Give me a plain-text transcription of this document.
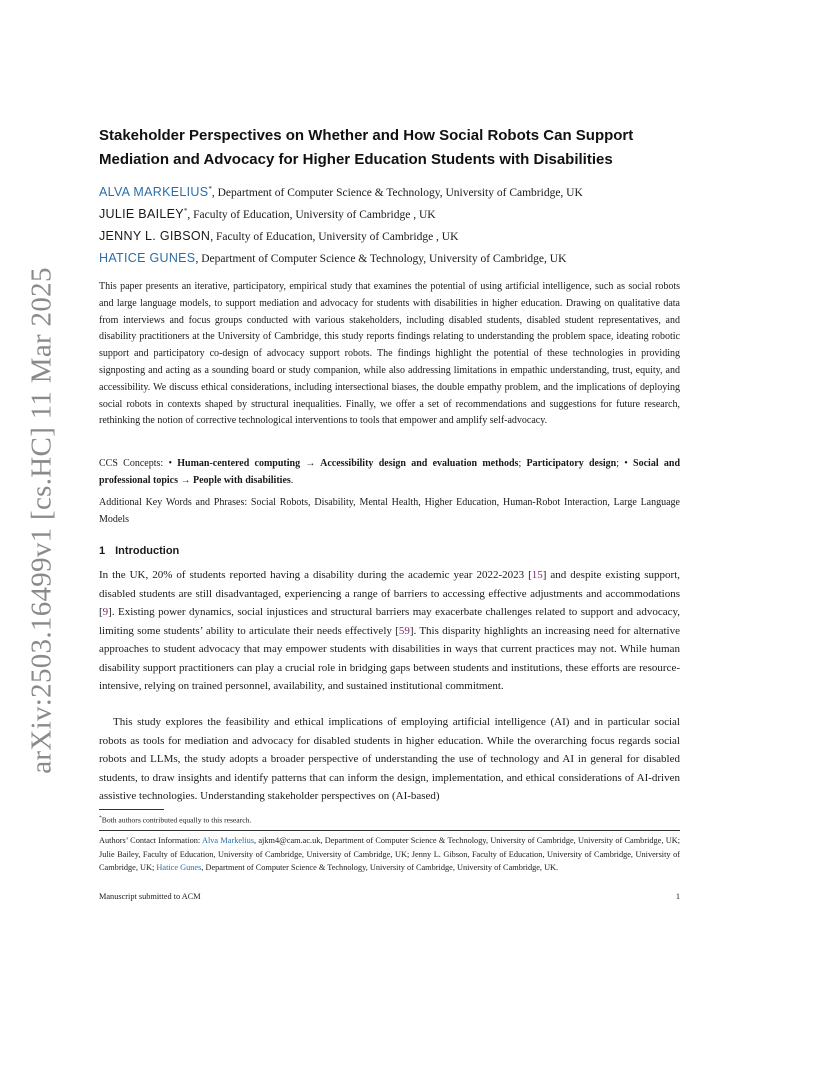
arXiv:2503.16499v1 [cs.HC] 11 Mar 2025
Stakeholder Perspectives on Whether and How Social Robots Can Support Mediation and Advocacy for Higher Education Students with Disabilities
ALVA MARKELIUS*, Department of Computer Science & Technology, University of Cambridge, UK
JULIE BAILEY*, Faculty of Education, University of Cambridge , UK
JENNY L. GIBSON, Faculty of Education, University of Cambridge , UK
HATICE GUNES, Department of Computer Science & Technology, University of Cambridge, UK

This paper presents an iterative, participatory, empirical study that examines the potential of using artificial intelligence, such as social robots and large language models, to support mediation and advocacy for students with disabilities in higher education. Drawing on qualitative data from interviews and focus groups conducted with various stakeholders, including disabled students, disabled student representatives, and disability practitioners at the University of Cambridge, this study reports findings relating to understanding the problem space, ideating robotic support and participatory co-design of advocacy support robots. The findings highlight the potential of these technologies in providing signposting and acting as a sounding board or study companion, while also addressing limitations in empathic understanding, trust, equity, and accessibility. We discuss ethical considerations, including intersectional biases, the double empathy problem, and the implications of deploying social robots in contexts shaped by structural inequalities. Finally, we offer a set of recommendations and suggestions for future research, rethinking the notion of corrective technological interventions to tools that empower and amplify self-advocacy.

CCS Concepts: • Human-centered computing → Accessibility design and evaluation methods; Participatory design; • Social and professional topics → People with disabilities.

Additional Key Words and Phrases: Social Robots, Disability, Mental Health, Higher Education, Human-Robot Interaction, Large Language Models

1 Introduction

In the UK, 20% of students reported having a disability during the academic year 2022-2023 [15] and despite existing support, disabled students are still disadvantaged, experiencing a range of barriers to accessing effective adjustments and accommodations [9]. Existing power dynamics, social injustices and structural barriers may exacerbate challenges related to support and advocacy, limiting some students’ ability to articulate their needs effectively [59]. This disparity highlights an increasing need for alternative approaches to student advocacy that may empower students with disabilities in ways that current practices may not. While human disability support practitioners can play a crucial role in bridging gaps between students and institutions, these efforts are resource-intensive, relying on trained personnel, availability, and sustained institutional commitment.

This study explores the feasibility and ethical implications of employing artificial intelligence (AI) and in particular social robots as tools for mediation and advocacy for disabled students in higher education. While the overarching focus regards social robots and LLMs, the study adopts a broader perspective of understanding the use of technology and AI in general for disabled students, to draw insights and identify patterns that can inform the design, implementation, and ethical considerations of AI-driven assistive technologies. Understanding stakeholder perspectives on (AI-based)

*Both authors contributed equally to this research.

Authors’ Contact Information: Alva Markelius, ajkm4@cam.ac.uk, Department of Computer Science & Technology, University of Cambridge, University of Cambridge, UK; Julie Bailey, Faculty of Education, University of Cambridge, University of Cambridge, UK; Jenny L. Gibson, Faculty of Education, University of Cambridge, University of Cambridge, UK; Hatice Gunes, Department of Computer Science & Technology, University of Cambridge, University of Cambridge, UK.

Manuscript submitted to ACM	1
